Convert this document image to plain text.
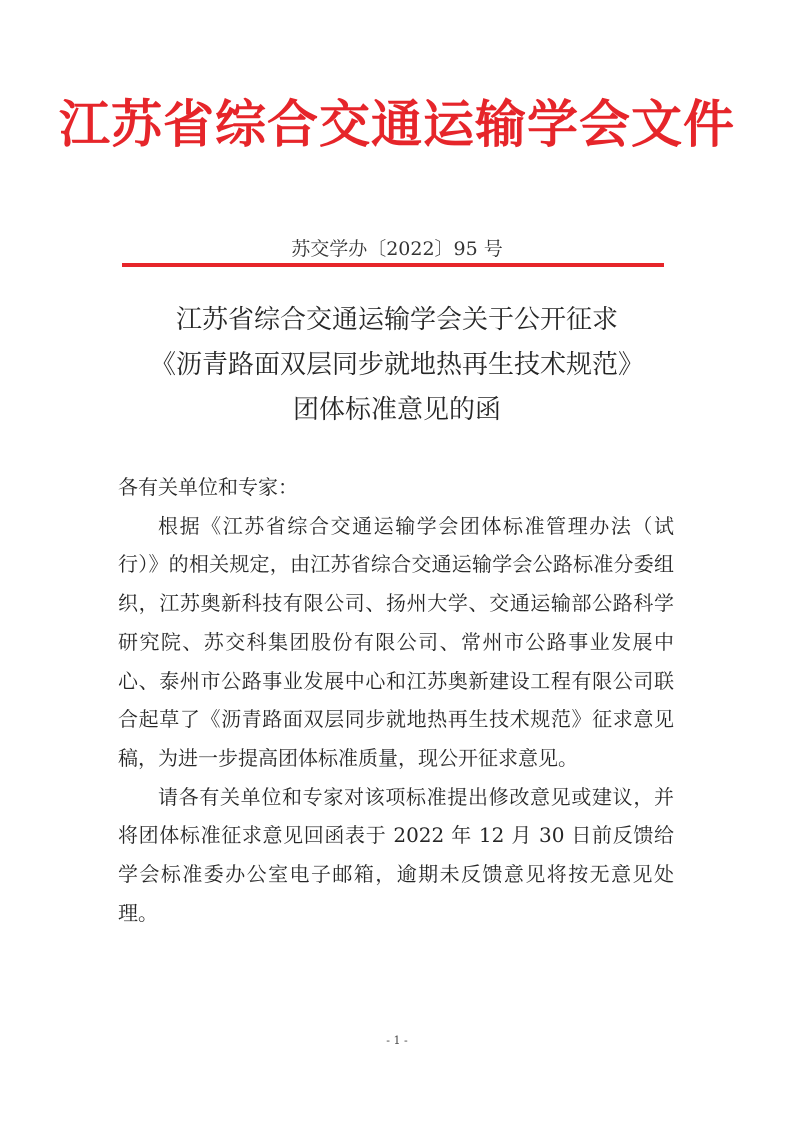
江苏省综合交通运输学会文件
苏交学办〔2022〕95 号
江苏省综合交通运输学会关于公开征求
《沥青路面双层同步就地热再生技术规范》
团体标准意见的函

各有关单位和专家：

根据《江苏省综合交通运输学会团体标准管理办法（试行）》的相关规定，由江苏省综合交通运输学会公路标准分委组织，江苏奥新科技有限公司、扬州大学、交通运输部公路科学研究院、苏交科集团股份有限公司、常州市公路事业发展中心、泰州市公路事业发展中心和江苏奥新建设工程有限公司联合起草了《沥青路面双层同步就地热再生技术规范》征求意见稿，为进一步提高团体标准质量，现公开征求意见。

请各有关单位和专家对该项标准提出修改意见或建议，并将团体标准征求意见回函表于 2022 年 12 月 30 日前反馈给学会标准委办公室电子邮箱，逾期未反馈意见将按无意见处理。

- 1 -
